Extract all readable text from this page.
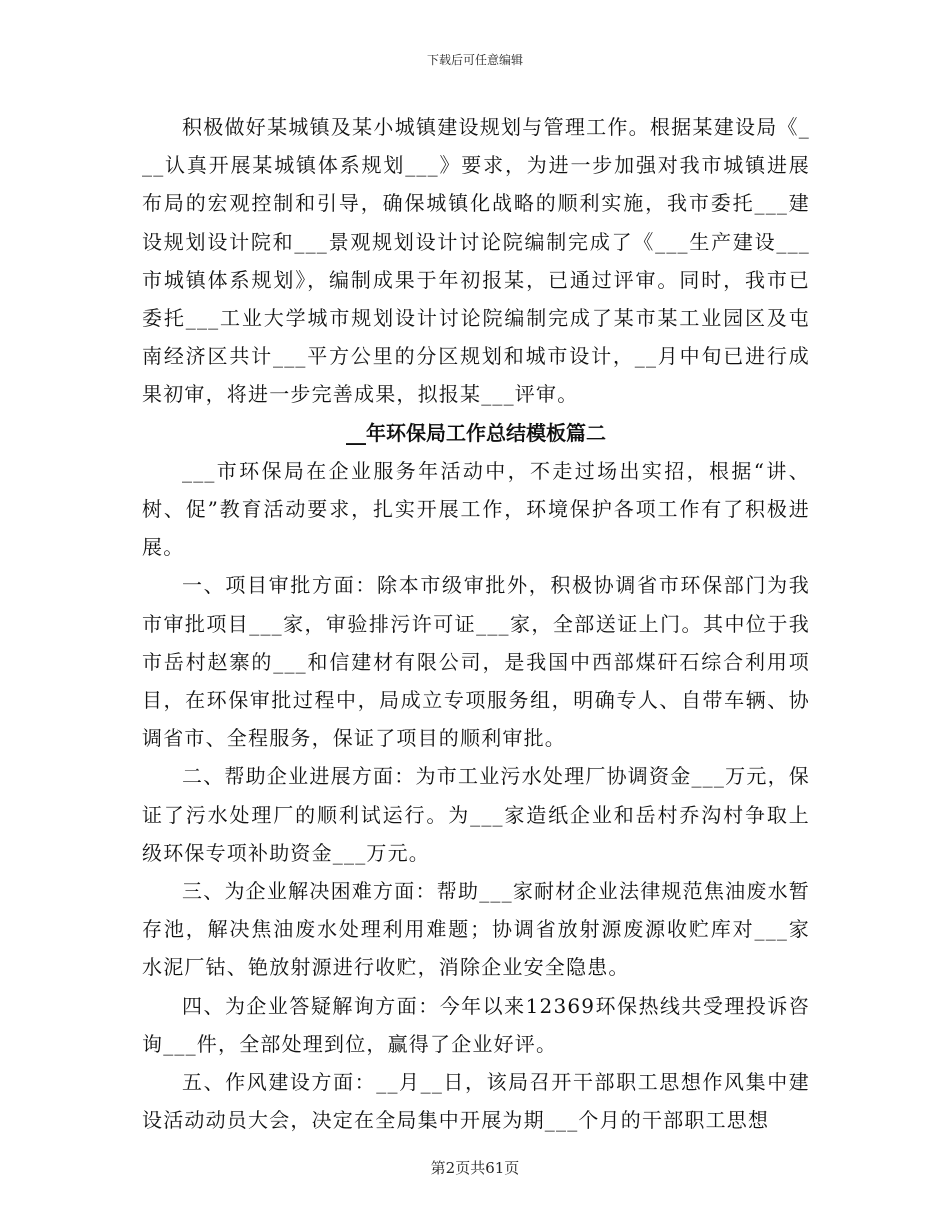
下载后可任意编辑

积极做好某城镇及某小城镇建设规划与管理工作。根据某建设局《___认真开展某城镇体系规划___》要求，为进一步加强对我市城镇进展布局的宏观控制和引导，确保城镇化战略的顺利实施，我市委托___建设规划设计院和___景观规划设计讨论院编制完成了《___生产建设___市城镇体系规划》，编制成果于年初报某，已通过评审。同时，我市已委托___工业大学城市规划设计讨论院编制完成了某市某工业园区及屯南经济区共计___平方公里的分区规划和城市设计，__月中旬已进行成果初审，将进一步完善成果，拟报某___评审。

__年环保局工作总结模板篇二

___市环保局在企业服务年活动中，不走过场出实招，根据“讲、树、促”教育活动要求，扎实开展工作，环境保护各项工作有了积极进展。

一、项目审批方面：除本市级审批外，积极协调省市环保部门为我市审批项目___家，审验排污许可证___家，全部送证上门。其中位于我市岳村赵寨的___和信建材有限公司，是我国中西部煤矸石综合利用项目，在环保审批过程中，局成立专项服务组，明确专人、自带车辆、协调省市、全程服务，保证了项目的顺利审批。

二、帮助企业进展方面：为市工业污水处理厂协调资金___万元，保证了污水处理厂的顺利试运行。为___家造纸企业和岳村乔沟村争取上级环保专项补助资金___万元。

三、为企业解决困难方面：帮助___家耐材企业法律规范焦油废水暂存池，解决焦油废水处理利用难题；协调省放射源废源收贮库对___家水泥厂钴、铯放射源进行收贮，消除企业安全隐患。

四、为企业答疑解询方面：今年以来12369环保热线共受理投诉咨询___件，全部处理到位，赢得了企业好评。

五、作风建设方面：__月__日，该局召开干部职工思想作风集中建设活动动员大会，决定在全局集中开展为期___个月的干部职工思想

第2页共61页
